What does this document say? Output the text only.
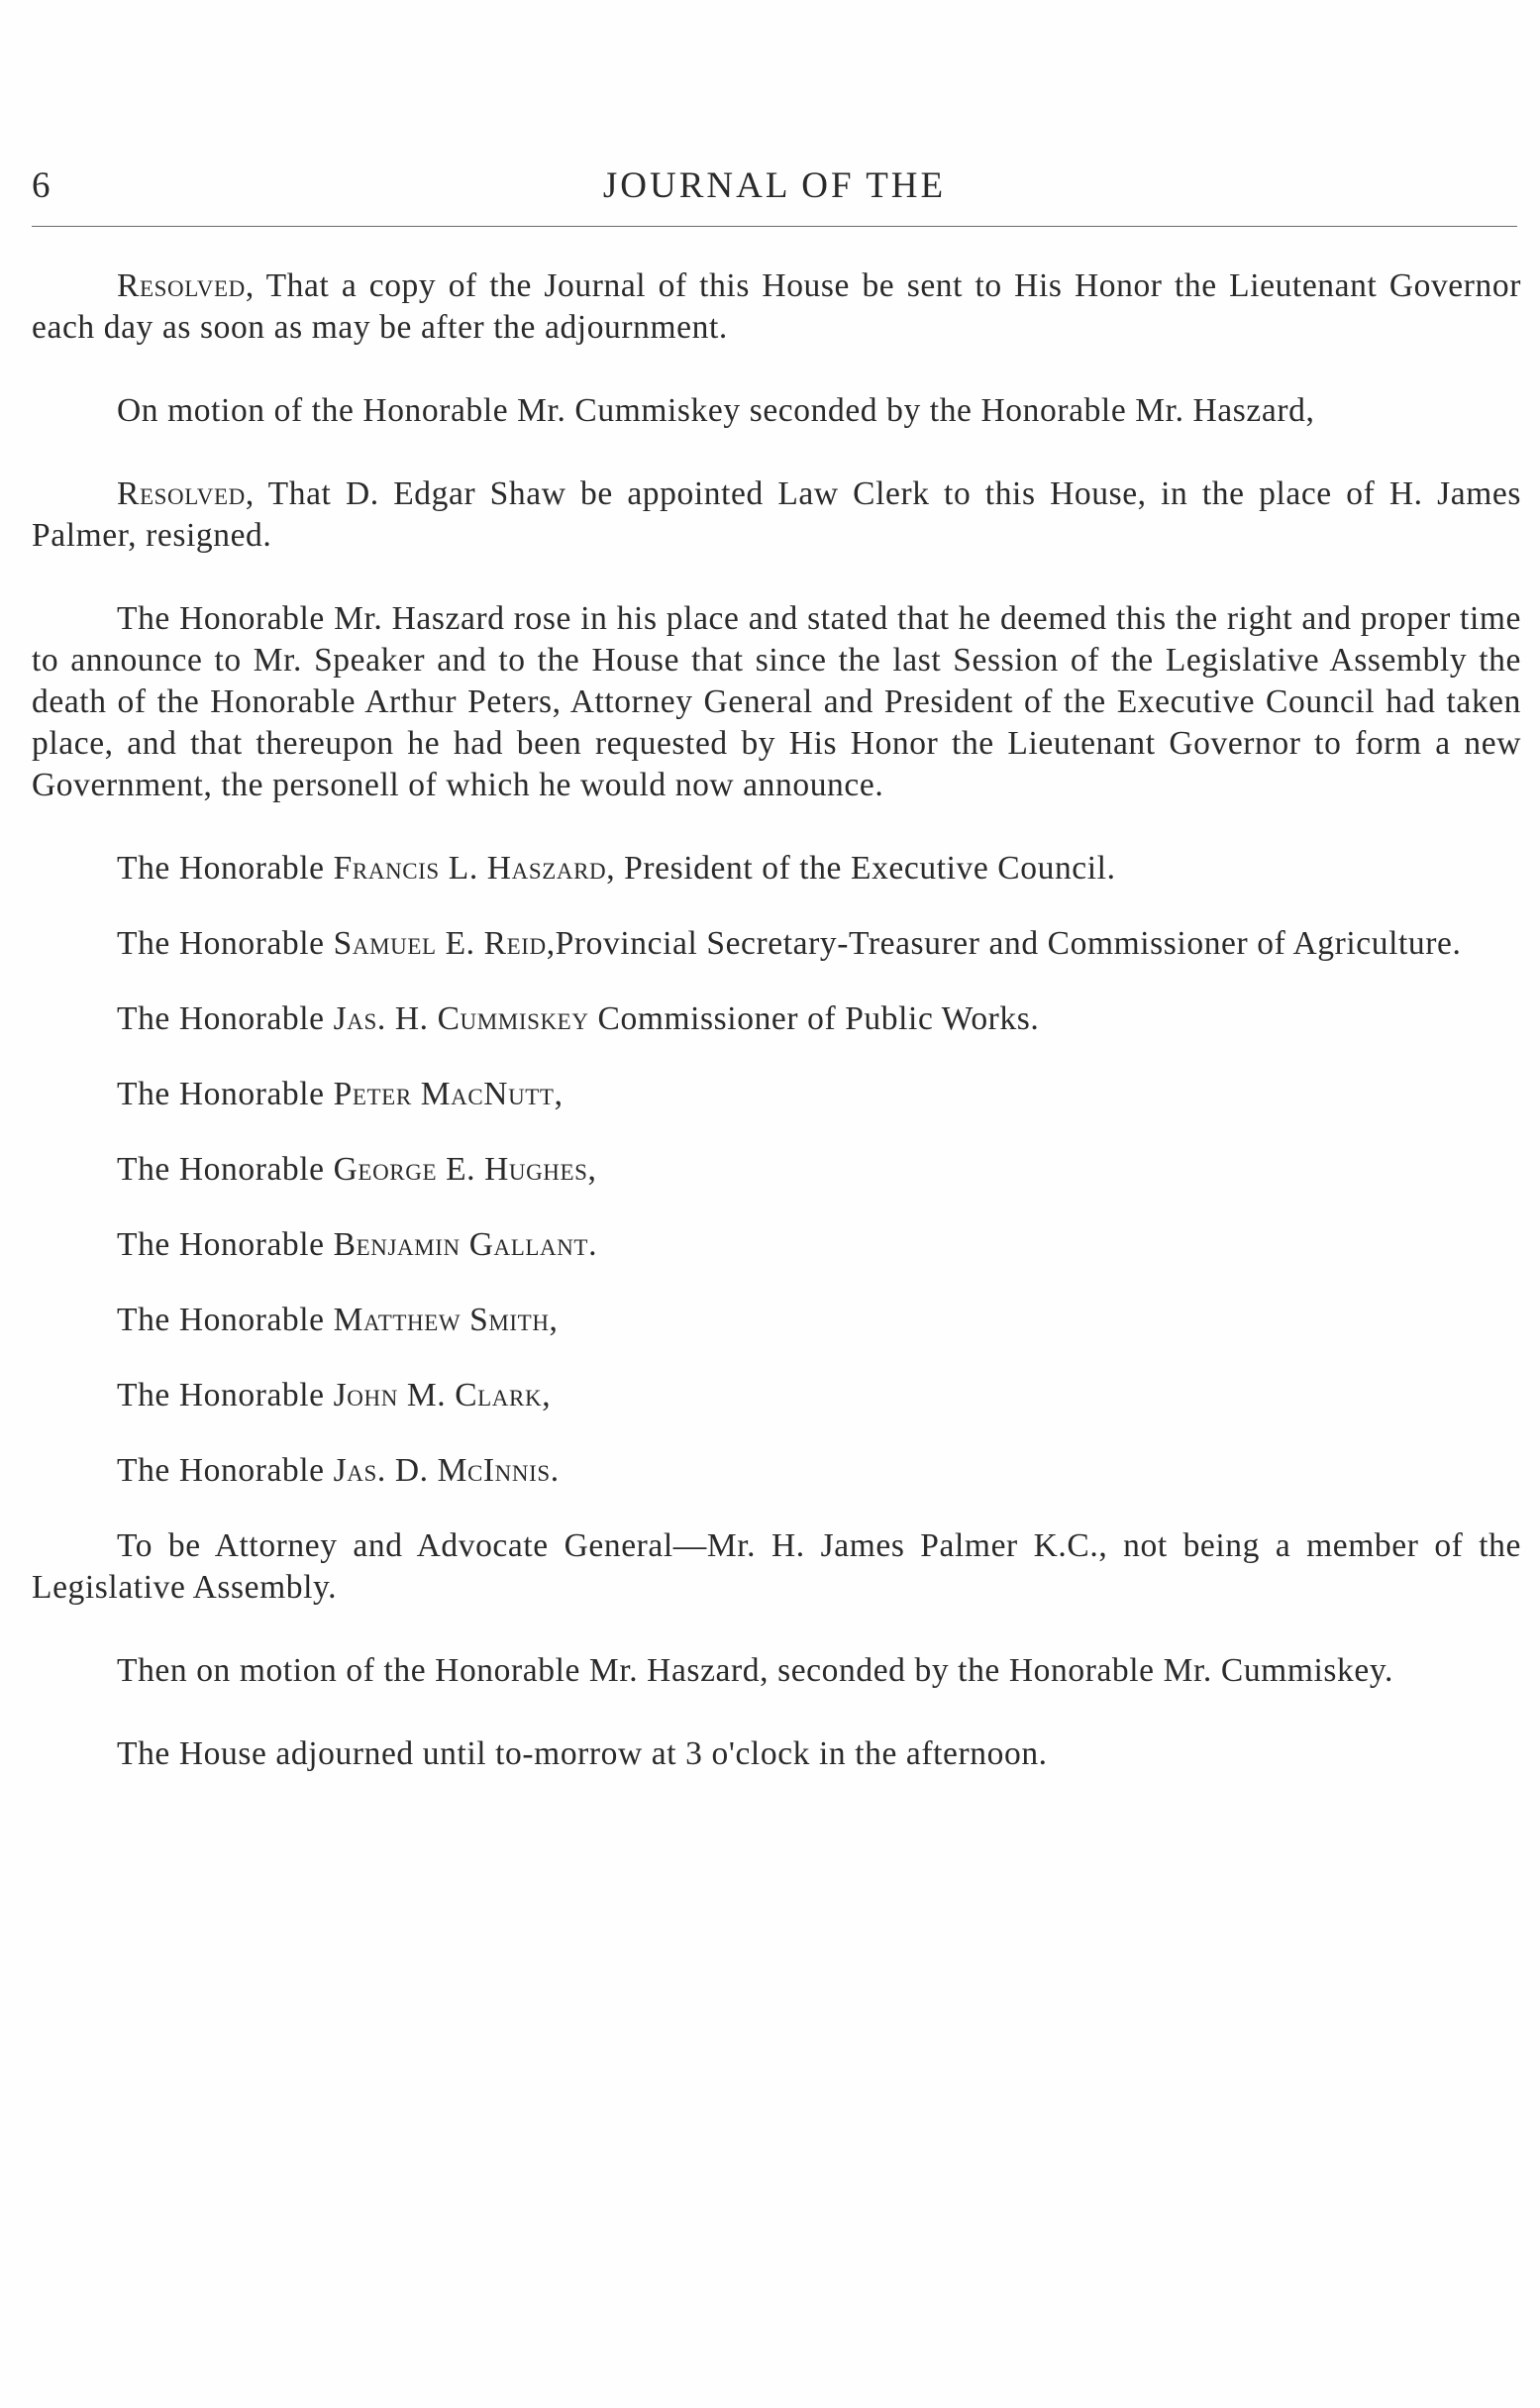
6	JOURNAL OF THE

Resolved, That a copy of the Journal of this House be sent to His Honor the Lieutenant Governor each day as soon as may be after the adjournment.

On motion of the Honorable Mr. Cummiskey seconded by the Honorable Mr. Haszard,

Resolved, That D. Edgar Shaw be appointed Law Clerk to this House, in the place of H. James Palmer, resigned.

The Honorable Mr. Haszard rose in his place and stated that he deemed this the right and proper time to announce to Mr. Speaker and to the House that since the last Session of the Legislative Assembly the death of the Honorable Arthur Peters, Attorney General and President of the Executive Council had taken place, and that thereupon he had been requested by His Honor the Lieutenant Governor to form a new Government, the personell of which he would now announce.

The Honorable Francis L. Haszard, President of the Executive Council.

The Honorable Samuel E. Reid,Provincial Secretary-Treasurer and Commissioner of Agriculture.

The Honorable Jas. H. Cummiskey Commissioner of Public Works.

The Honorable Peter MacNutt,

The Honorable George E. Hughes,

The Honorable Benjamin Gallant.

The Honorable Matthew Smith,

The Honorable John M. Clark,

The Honorable Jas. D. McInnis.

To be Attorney and Advocate General—Mr. H. James Palmer K.C., not being a member of the Legislative Assembly.

Then on motion of the Honorable Mr. Haszard, seconded by the Honorable Mr. Cummiskey.

The House adjourned until to-morrow at 3 o'clock in the afternoon.
